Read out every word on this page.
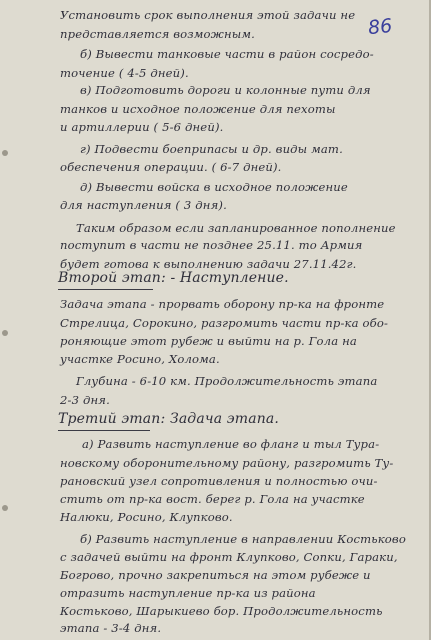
86
Установить срок выполнения этой задачи не
представляется возможным.
б) Вывести танковые части в район сосредо-
точение ( 4-5 дней).
в) Подготовить дороги и колонные пути для
танков и исходное положение для пехоты
и артиллерии ( 5-6 дней).
г) Подвести боеприпасы и др. виды мат.
обеспечения операции. ( 6-7 дней).
д) Вывести войска в исходное положение
для наступления ( 3 дня).
Таким образом если запланированное пополнение
поступит в части не позднее 25.11. то Армия
будет готова к выполнению задачи 27.11.42г.
Второй этап: - Наступление.
Задача этапа - прорвать оборону пр-ка на фронте
Стрелица, Сорокино, разгромить части пр-ка обо-
роняющие этот рубеж и выйти на р. Гола на
участке Росино, Холома.
Глубина - 6-10 км. Продолжительность этапа
2-3 дня.
Третий этап: Задача этапа.
а) Развить наступление во фланг и тыл Тура-
новскому оборонительному району, разгромить Ту-
рановский узел сопротивления и полностью очи-
стить от пр-ка вост. берег р. Гола на участке
Налюки, Росино, Клупково.
б) Развить наступление в направлении Костьково
с задачей выйти на фронт Клупково, Сопки, Гараки,
Богрово, прочно закрепиться на этом рубеже и
отразить наступление пр-ка из района
Костьково, Шарыкиево бор. Продолжительность
этапа - 3-4 дня.
